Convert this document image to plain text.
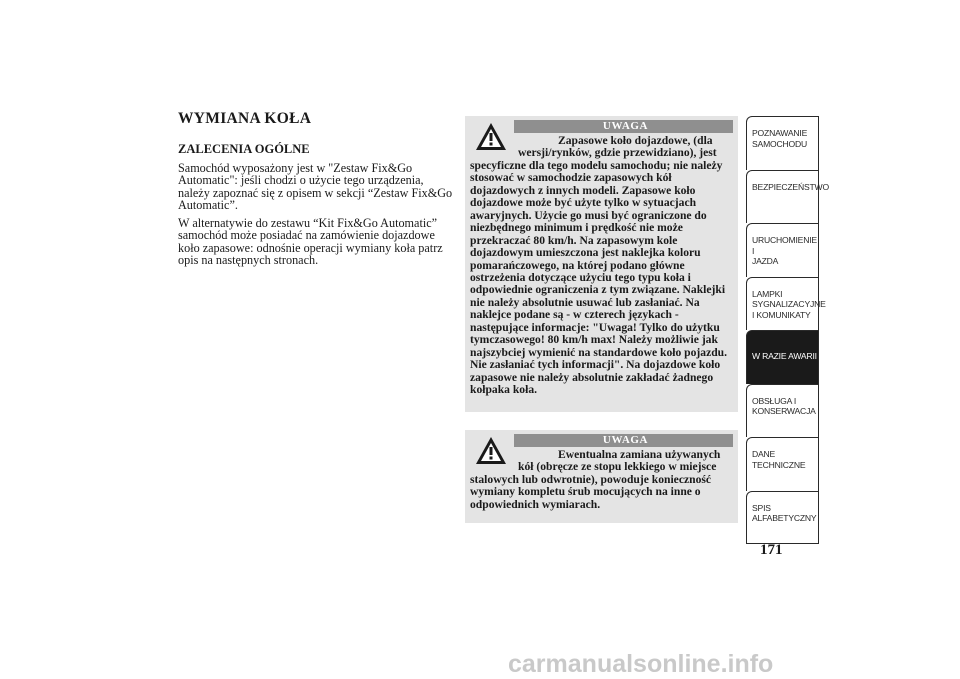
WYMIANA KOŁA
ZALECENIA OGÓLNE

Samochód wyposażony jest w "Zestaw Fix&Go Automatic": jeśli chodzi o użycie tego urządzenia, należy zapoznać się z opisem w sekcji “Zestaw Fix&Go Automatic”.

W alternatywie do zestawu “Kit Fix&Go Automatic” samochód może posiadać na zamówienie dojazdowe koło zapasowe: odnośnie operacji wymiany koła patrz opis na następnych stronach.

UWAGA

Zapasowe koło dojazdowe, (dla wersji/rynków, gdzie przewidziano), jest specyficzne dla tego modelu samochodu; nie należy stosować w samochodzie zapasowych kół dojazdowych z innych modeli. Zapasowe koło dojazdowe może być użyte tylko w sytuacjach awaryjnych. Użycie go musi być ograniczone do niezbędnego minimum i prędkość nie może przekraczać 80 km/h. Na zapasowym kole dojazdowym umieszczona jest naklejka koloru pomarańczowego, na której podano główne ostrzeżenia dotyczące użyciu tego typu koła i odpowiednie ograniczenia z tym związane. Naklejki nie należy absolutnie usuwać lub zasłaniać. Na naklejce podane są - w czterech językach - następujące informacje: "Uwaga! Tylko do użytku tymczasowego! 80 km/h max! Należy możliwie jak najszybciej wymienić na standardowe koło pojazdu. Nie zasłaniać tych informacji". Na dojazdowe koło zapasowe nie należy absolutnie zakładać żadnego kołpaka koła.

UWAGA

Ewentualna zamiana używanych kół (obręcze ze stopu lekkiego w miejsce stalowych lub odwrotnie), powoduje konieczność wymiany kompletu śrub mocujących na inne o odpowiednich wymiarach.

POZNAWANIE
SAMOCHODU
BEZPIECZEŃSTWO
URUCHOMIENIE I
JAZDA
LAMPKI
SYGNALIZACYJNE
I KOMUNIKATY
W RAZIE AWARII
OBSŁUGA I
KONSERWACJA
DANE
TECHNICZNE
SPIS
ALFABETYCZNY

171

carmanualsonline.info
